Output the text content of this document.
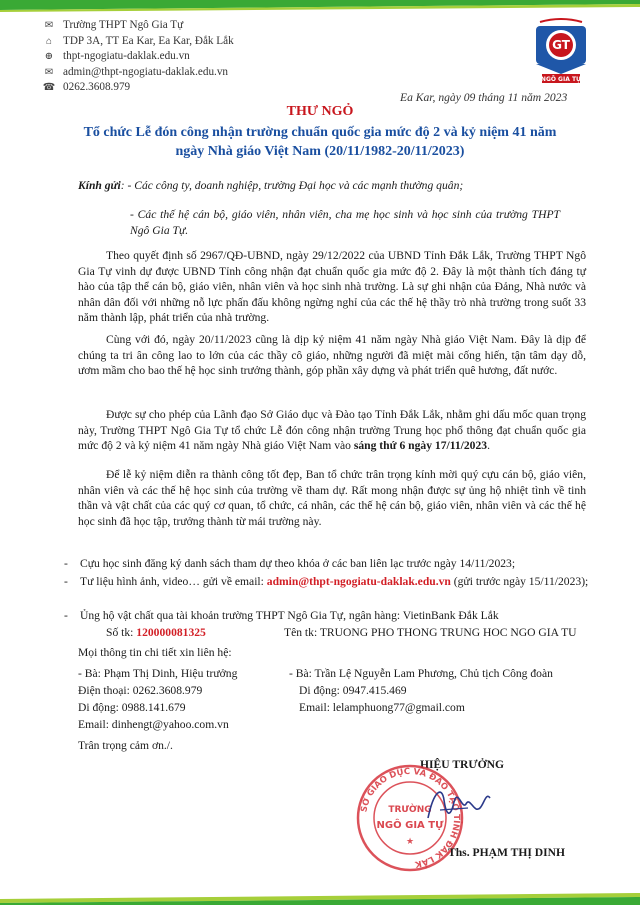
✉ Trường THPT Ngô Gia Tự
⌂ TDP 3A, TT Ea Kar, Ea Kar, Đắk Lắk
⊕ thpt-ngogiatu-daklak.edu.vn
✉ admin@thpt-ngogiatu-daklak.edu.vn
☎ 0262.3608.979
GT
NGÔ GIA TỰ
Ea Kar, ngày 09 tháng 11 năm 2023
THƯ NGỎ
Tổ chức Lễ đón công nhận trường chuẩn quốc gia mức độ 2 và kỷ niệm 41 năm ngày Nhà giáo Việt Nam (20/11/1982-20/11/2023)
Kính gửi: - Các công ty, doanh nghiệp, trường Đại học và các mạnh thường quân;
- Các thế hệ cán bộ, giáo viên, nhân viên, cha mẹ học sinh và học sinh của trường THPT Ngô Gia Tự.
Theo quyết định số 2967/QĐ-UBND, ngày 29/12/2022 của UBND Tỉnh Đắk Lắk, Trường THPT Ngô Gia Tự vinh dự được UBND Tỉnh công nhận đạt chuẩn quốc gia mức độ 2. Đây là một thành tích đáng tự hào của tập thể cán bộ, giáo viên, nhân viên và học sinh nhà trường. Là sự ghi nhận của Đảng, Nhà nước và nhân dân đối với những nỗ lực phấn đấu không ngừng nghỉ của các thế hệ thầy trò nhà trường trong suốt 33 năm thành lập, phát triển của nhà trường.
Cùng với đó, ngày 20/11/2023 cũng là dịp kỷ niệm 41 năm ngày Nhà giáo Việt Nam. Đây là dịp để chúng ta tri ân công lao to lớn của các thầy cô giáo, những người đã miệt mài cống hiến, tận tâm dạy dỗ, ươm mầm cho bao thế hệ học sinh trưởng thành, góp phần xây dựng và phát triển quê hương, đất nước.
Được sự cho phép của Lãnh đạo Sở Giáo dục và Đào tạo Tỉnh Đắk Lắk, nhằm ghi dấu mốc quan trọng này, Trường THPT Ngô Gia Tự tổ chức Lễ đón công nhận trường Trung học phổ thông đạt chuẩn quốc gia mức độ 2 và kỷ niệm 41 năm ngày Nhà giáo Việt Nam vào sáng thứ 6 ngày 17/11/2023.
Để lễ kỷ niệm diễn ra thành công tốt đẹp, Ban tổ chức trân trọng kính mời quý cựu cán bộ, giáo viên, nhân viên và các thế hệ học sinh của trường về tham dự. Rất mong nhận được sự ủng hộ nhiệt tình về tinh thần và vật chất của các quý cơ quan, tổ chức, cá nhân, các thế hệ cán bộ, giáo viên, nhân viên và các thế hệ học sinh đã học tập, trưởng thành từ mái trường này.
- Cựu học sinh đăng ký danh sách tham dự theo khóa ở các ban liên lạc trước ngày 14/11/2023;
- Tư liệu hình ảnh, video… gửi về email: admin@thpt-ngogiatu-daklak.edu.vn (gửi trước ngày 15/11/2023);
- Ủng hộ vật chất qua tài khoản trường THPT Ngô Gia Tự, ngân hàng: VietinBank Đắk Lắk
Số tk: 120000081325	Tên tk: TRUONG PHO THONG TRUNG HOC NGO GIA TU
Mọi thông tin chi tiết xin liên hệ:
- Bà: Phạm Thị Dinh, Hiệu trưởng
Điện thoại: 0262.3608.979
Di động: 0988.141.679
Email: dinhengt@yahoo.com.vn
- Bà: Trần Lệ Nguyễn Lam Phương, Chủ tịch Công đoàn
Di động: 0947.415.469
Email: lelamphuong77@gmail.com
Trân trọng cảm ơn./.
HIỆU TRƯỞNG
SỞ GIÁO DỤC VÀ ĐÀO TẠO TỈNH ĐẮK LẮK
TRƯỜNG
NGÔ GIA TỰ
★
Ths. PHẠM THỊ DINH
